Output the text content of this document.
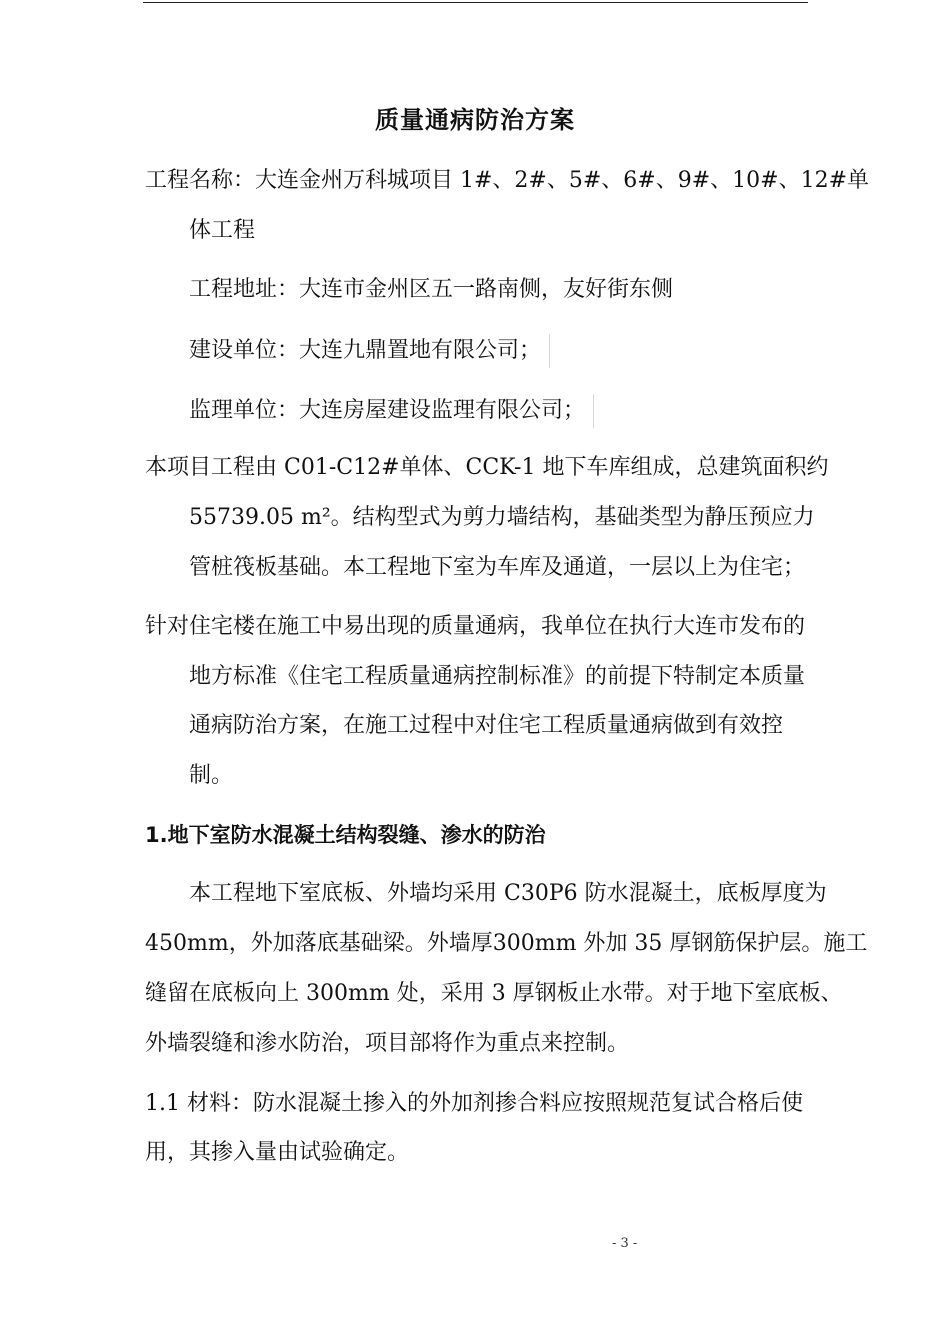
质量通病防治方案
工程名称：大连金州万科城项目 1#、2#、5#、6#、9#、10#、12#单
体工程
工程地址：大连市金州区五一路南侧，友好街东侧
建设单位：大连九鼎置地有限公司；
监理单位：大连房屋建设监理有限公司；
本项目工程由 C01-C12#单体、CCK-1 地下车库组成，总建筑面积约
55739.05 m²。结构型式为剪力墙结构，基础类型为静压预应力
管桩筏板基础。本工程地下室为车库及通道，一层以上为住宅；
针对住宅楼在施工中易出现的质量通病，我单位在执行大连市发布的
地方标准《住宅工程质量通病控制标准》的前提下特制定本质量
通病防治方案，在施工过程中对住宅工程质量通病做到有效控
制。
1.地下室防水混凝土结构裂缝、渗水的防治
本工程地下室底板、外墙均采用 C30P6 防水混凝土，底板厚度为
450mm，外加落底基础梁。外墙厚300mm 外加 35 厚钢筋保护层。施工
缝留在底板向上 300mm 处，采用 3 厚钢板止水带。对于地下室底板、
外墙裂缝和渗水防治，项目部将作为重点来控制。
1.1 材料：防水混凝土掺入的外加剂掺合料应按照规范复试合格后使
用，其掺入量由试验确定。
- 3 -
